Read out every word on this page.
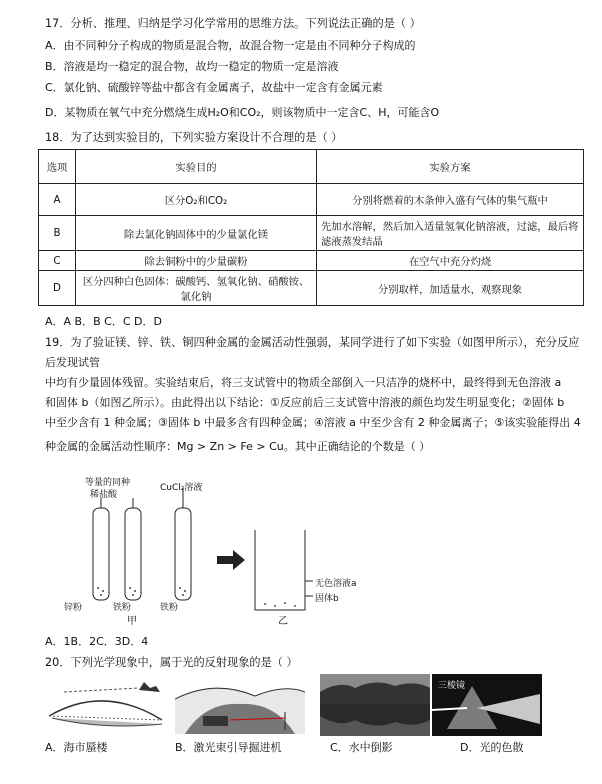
17．分析、推理、归纳是学习化学常用的思维方法。下列说法正确的是（ ）
A．由不同种分子构成的物质是混合物，故混合物一定是由不同种分子构成的
B．溶液是均一稳定的混合物，故均一稳定的物质一定是溶液
C．氯化钠、硫酸锌等盐中都含有金属离子，故盐中一定含有金属元素
D．某物质在氧气中充分燃烧生成H₂O和CO₂，则该物质中一定含C、H，可能含O
18．为了达到实验目的，下列实验方案设计不合理的是（ ）
选项	实验目的	实验方案
A	区分O₂和CO₂	分别将燃着的木条伸入盛有气体的集气瓶中
B	除去氯化钠固体中的少量氯化镁	先加水溶解，然后加入适量氢氧化钠溶液，过滤，最后将滤液蒸发结晶
C	除去铜粉中的少量碳粉	在空气中充分灼烧
D	区分四种白色固体：碳酸钙、氢氧化钠、硝酸铵、氯化钠	分别取样，加适量水，观察现象
A．A B．B C．C D．D
19．为了验证镁、锌、铁、铜四种金属的金属活动性强弱，某同学进行了如下实验（如图甲所示），充分反应
后发现试管
中均有少量固体残留。实验结束后，将三支试管中的物质全部倒入一只洁净的烧杯中，最终得到无色溶液 a
和固体 b（如图乙所示）。由此得出以下结论：①反应前后三支试管中溶液的颜色均发生明显变化；②固体 b
中至少含有 1 种金属；③固体 b 中最多含有四种金属；④溶液 a 中至少含有 2 种金属离子；⑤该实验能得出 4
种金属的金属活动性顺序：Mg > Zn > Fe > Cu。其中正确结论的个数是（ ）
等量的同种
稀盐酸
CuCl₂溶液
锌粉	铁粉	铁粉
甲	乙
无色溶液a
固体b
A．1B．2C．3D．4
20．下列光学现象中，属于光的反射现象的是（ ）
三棱镜
A．海市蜃楼	B．激光束引导掘进机	C．水中倒影	D．光的色散
